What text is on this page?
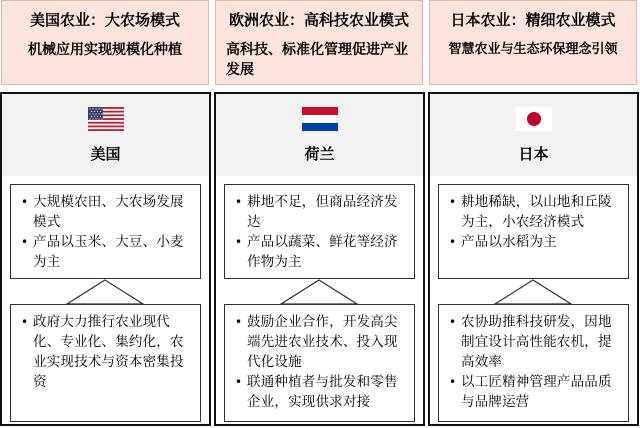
美国农业：大农场模式
机械应用实现规模化种植
美国
• 大规模农田、大农场发展模式
• 产品以玉米、大豆、小麦为主
• 政府大力推行农业现代化、专业化、集约化，农业实现技术与资本密集投资
欧洲农业：高科技农业模式
高科技、标准化管理促进产业发展
荷兰
• 耕地不足，但商品经济发达
• 产品以蔬菜、鲜花等经济作物为主
• 鼓励企业合作，开发高尖端先进农业技术、投入现代化设施
• 联通种植者与批发和零售企业，实现供求对接
日本农业：精细农业模式
智慧农业与生态环保理念引领
日本
• 耕地稀缺，以山地和丘陵为主，小农经济模式
• 产品以水稻为主
• 农协助推科技研发，因地制宜设计高性能农机，提高效率
• 以工匠精神管理产品品质与品牌运营
